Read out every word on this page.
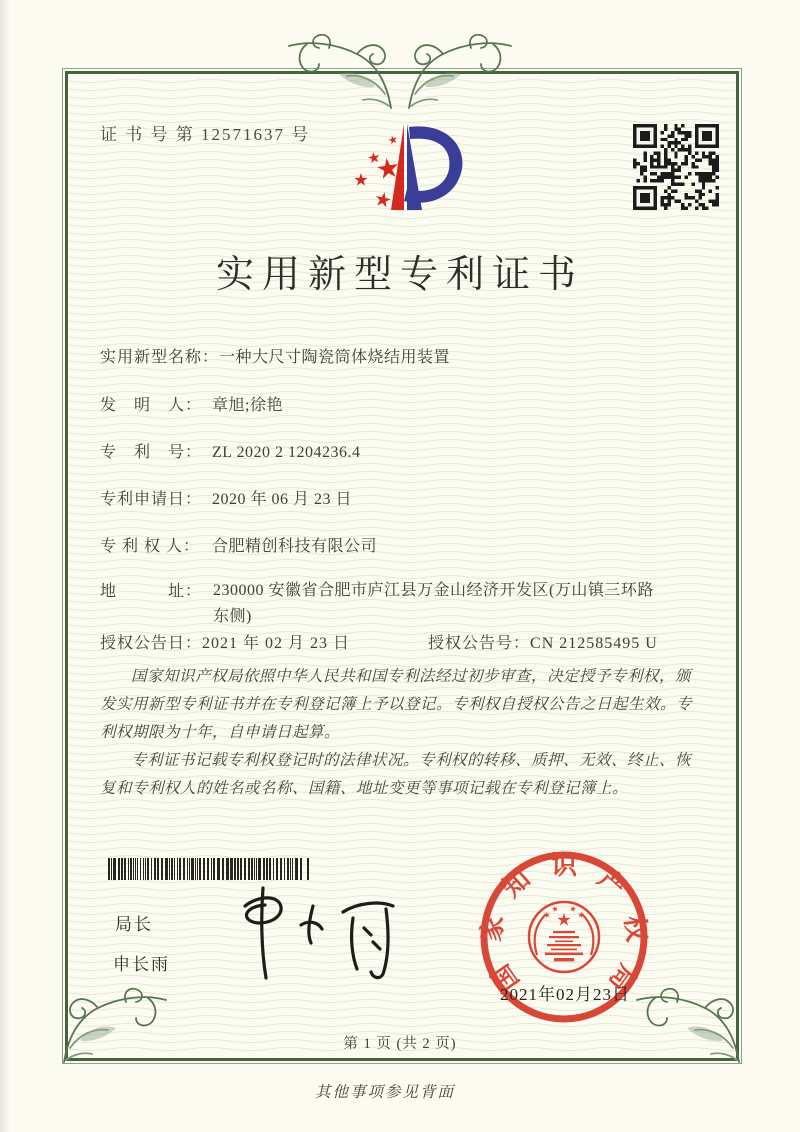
证 书 号 第 12571637 号
实用新型专利证书
实用新型名称：一种大尺寸陶瓷筒体烧结用装置
发　明　人： 章旭;徐艳
专　利　号： ZL 2020 2 1204236.4
专利申请日： 2020 年 06 月 23 日
专 利 权 人： 合肥精创科技有限公司
地　　　址： 230000 安徽省合肥市庐江县万金山经济开发区(万山镇三环路东侧)
授权公告日：2021 年 02 月 23 日	授权公告号：CN 212585495 U

国家知识产权局依照中华人民共和国专利法经过初步审查，决定授予专利权，颁发实用新型专利证书并在专利登记簿上予以登记。专利权自授权公告之日起生效。专利权期限为十年，自申请日起算。

专利证书记载专利权登记时的法律状况。专利权的转移、质押、无效、终止、恢复和专利权人的姓名或名称、国籍、地址变更等事项记载在专利登记簿上。

局长
申长雨	国
家
知 识 产
权
局
2021年02月23日
第 1 页 (共 2 页)
其他事项参见背面
